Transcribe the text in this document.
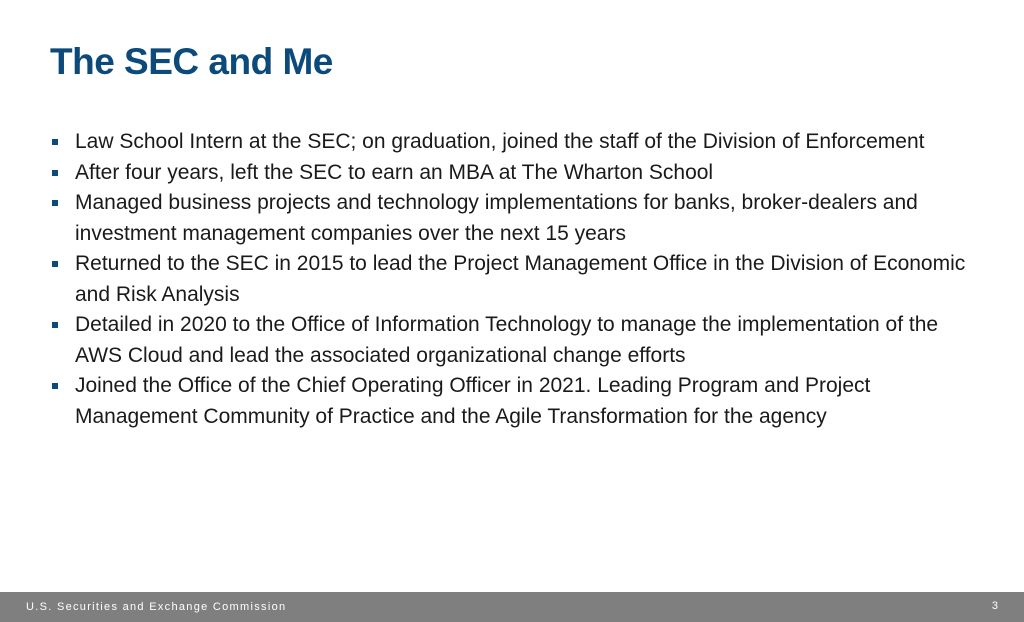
The SEC and Me
Law School Intern at the SEC; on graduation, joined the staff of the Division of Enforcement
After four years, left the SEC to earn an MBA at The Wharton School
Managed business projects and technology implementations for banks, broker-dealers and investment management companies over the next 15 years
Returned to the SEC in 2015 to lead the Project Management Office in the Division of Economic and Risk Analysis
Detailed in 2020 to the Office of Information Technology to manage the implementation of the AWS Cloud and lead the associated organizational change efforts
Joined the Office of the Chief Operating Officer in 2021. Leading Program and Project Management Community of Practice and the Agile Transformation for the agency
U.S. Securities and Exchange Commission	3
